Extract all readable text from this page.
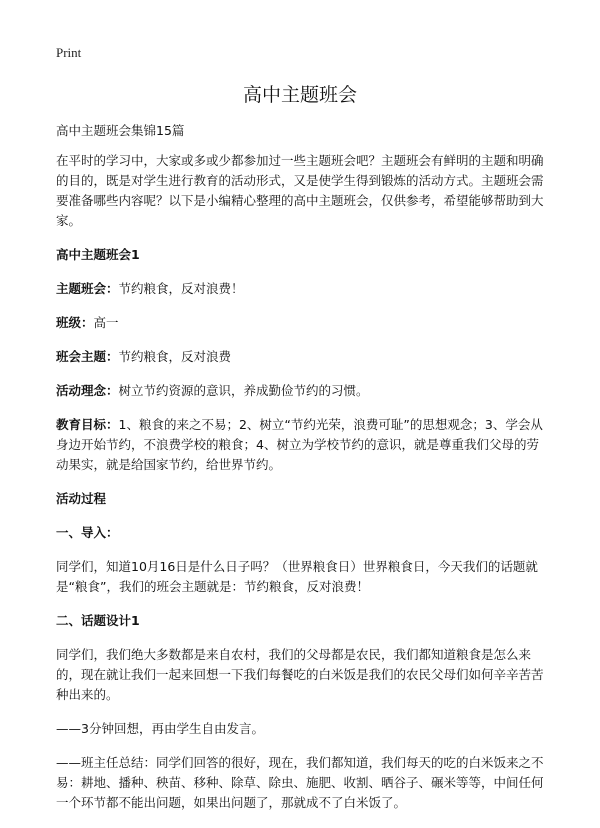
Print
高中主题班会

高中主题班会集锦15篇

在平时的学习中，大家或多或少都参加过一些主题班会吧？主题班会有鲜明的主题和明确的目的，既是对学生进行教育的活动形式，又是使学生得到锻炼的活动方式。主题班会需要准备哪些内容呢？以下是小编精心整理的高中主题班会，仅供参考，希望能够帮助到大家。

高中主题班会1

主题班会：节约粮食，反对浪费！

班级：高一

班会主题：节约粮食，反对浪费

活动理念：树立节约资源的意识，养成勤俭节约的习惯。

教育目标：1、粮食的来之不易；2、树立“节约光荣，浪费可耻”的思想观念；3、学会从身边开始节约，不浪费学校的粮食；4、树立为学校节约的意识，就是尊重我们父母的劳动果实，就是给国家节约，给世界节约。

活动过程

一、导入：

同学们，知道10月16日是什么日子吗？（世界粮食日）世界粮食日，今天我们的话题就是“粮食”，我们的班会主题就是：节约粮食，反对浪费！

二、话题设计1

同学们，我们绝大多数都是来自农村，我们的父母都是农民，我们都知道粮食是怎么来的，现在就让我们一起来回想一下我们每餐吃的白米饭是我们的农民父母们如何辛辛苦苦种出来的。

——3分钟回想，再由学生自由发言。

——班主任总结：同学们回答的很好，现在，我们都知道，我们每天的吃的白米饭来之不易：耕地、播种、秧苗、移种、除草、除虫、施肥、收割、晒谷子、碾米等等，中间任何一个环节都不能出问题，如果出问题了，那就成不了白米饭了。
